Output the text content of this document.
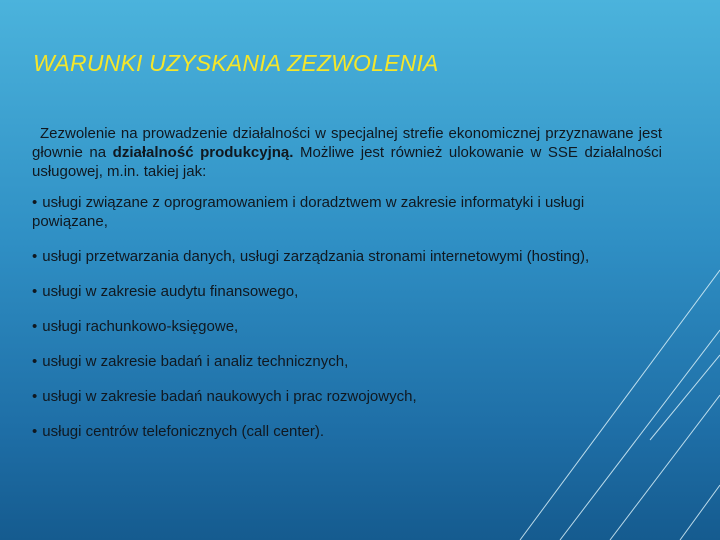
WARUNKI UZYSKANIA ZEZWOLENIA

Zezwolenie na prowadzenie działalności w specjalnej strefie ekonomicznej przyznawane jest głownie na działalność produkcyjną. Możliwe jest również ulokowanie w SSE działalności usługowej, m.in. takiej jak:

• usługi związane z oprogramowaniem i doradztwem w zakresie informatyki i usługi powiązane,
• usługi przetwarzania danych, usługi zarządzania stronami internetowymi (hosting),
• usługi w zakresie audytu finansowego,
• usługi rachunkowo-księgowe,
• usługi w zakresie badań i analiz technicznych,
• usługi w zakresie badań naukowych i prac rozwojowych,
• usługi centrów telefonicznych (call center).
